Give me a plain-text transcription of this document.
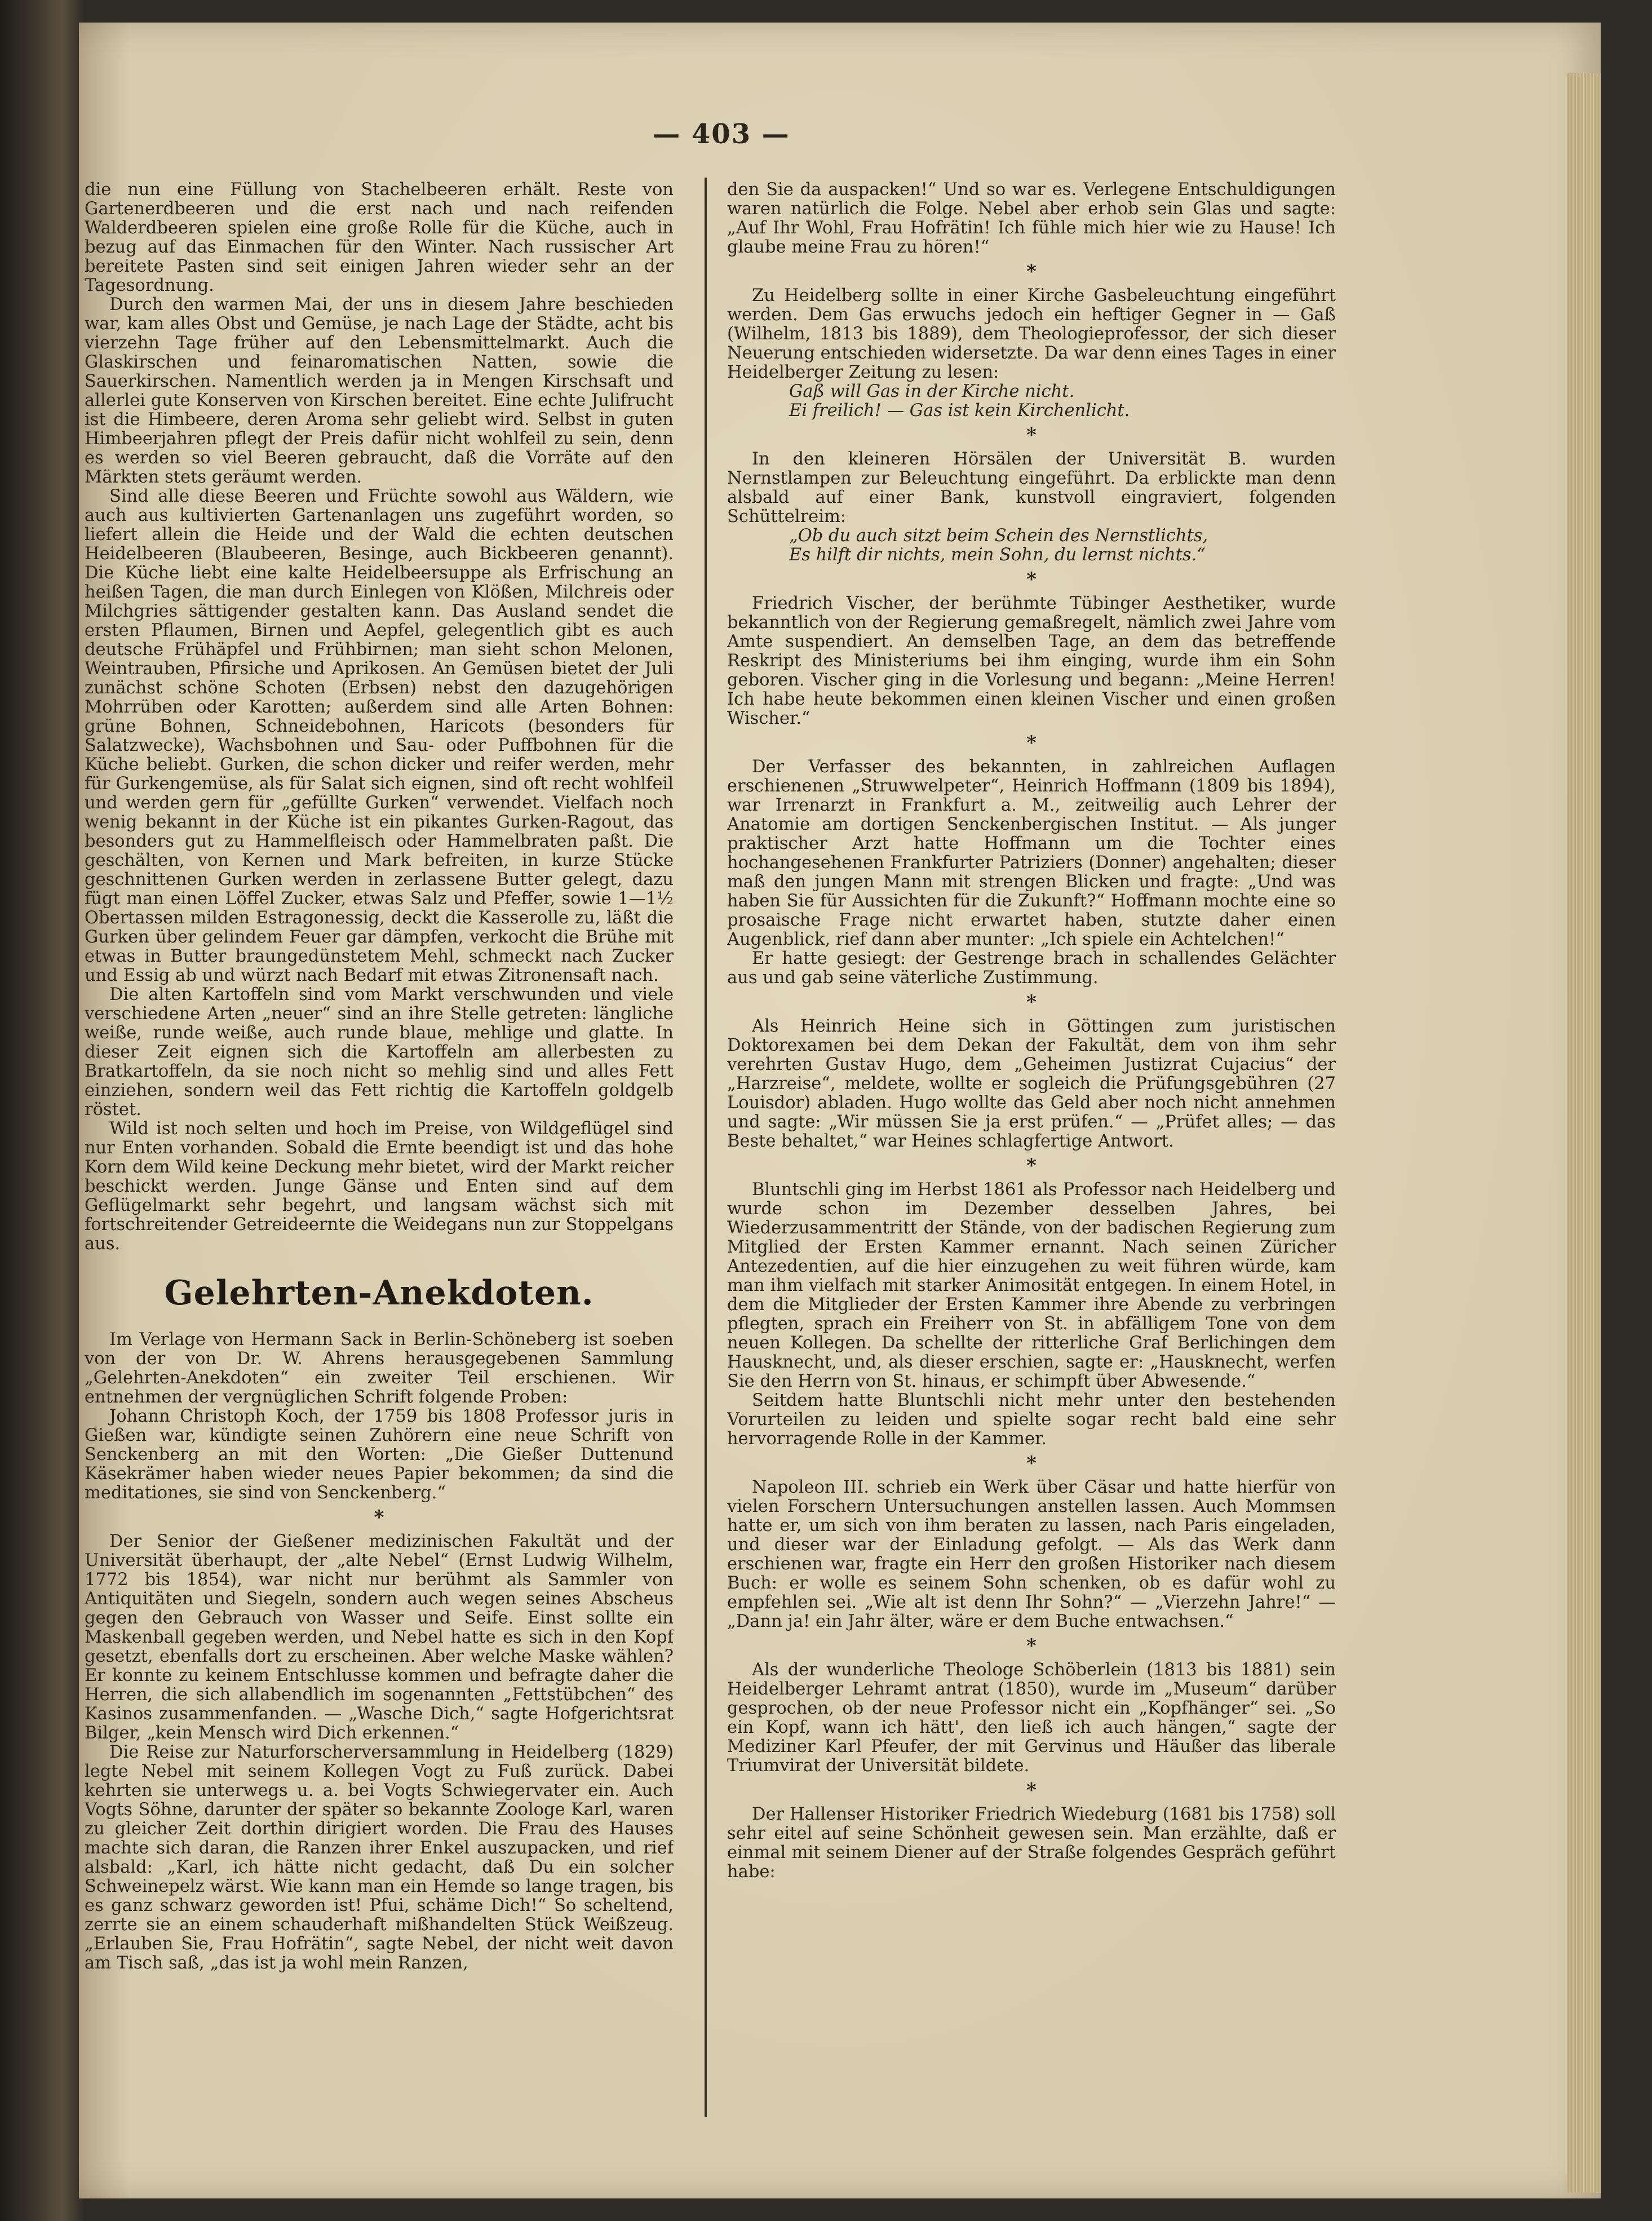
— 403 —

die nun eine Füllung von Stachelbeeren erhält. Reste von Gartenerdbeeren und die erst nach und nach reifenden Walderdbeeren spielen eine große Rolle für die Küche, auch in bezug auf das Einmachen für den Winter. Nach russischer Art bereitete Pasten sind seit einigen Jahren wieder sehr an der Tagesordnung.

Durch den warmen Mai, der uns in diesem Jahre beschieden war, kam alles Obst und Gemüse, je nach Lage der Städte, acht bis vierzehn Tage früher auf den Lebensmittelmarkt. Auch die Glaskirschen und feinaromatischen Natten, sowie die Sauerkirschen. Namentlich werden ja in Mengen Kirschsaft und allerlei gute Konserven von Kirschen bereitet. Eine echte Julifrucht ist die Himbeere, deren Aroma sehr geliebt wird. Selbst in guten Himbeerjahren pflegt der Preis dafür nicht wohlfeil zu sein, denn es werden so viel Beeren gebraucht, daß die Vorräte auf den Märkten stets geräumt werden.

Sind alle diese Beeren und Früchte sowohl aus Wäldern, wie auch aus kultivierten Gartenanlagen uns zugeführt worden, so liefert allein die Heide und der Wald die echten deutschen Heidelbeeren (Blaubeeren, Besinge, auch Bickbeeren genannt). Die Küche liebt eine kalte Heidelbeersuppe als Erfrischung an heißen Tagen, die man durch Einlegen von Klößen, Milchreis oder Milchgries sättigender gestalten kann. Das Ausland sendet die ersten Pflaumen, Birnen und Aepfel, gelegentlich gibt es auch deutsche Frühäpfel und Frühbirnen; man sieht schon Melonen, Weintrauben, Pfirsiche und Aprikosen. An Gemüsen bietet der Juli zunächst schöne Schoten (Erbsen) nebst den dazugehörigen Mohrrüben oder Karotten; außerdem sind alle Arten Bohnen: grüne Bohnen, Schneidebohnen, Haricots (besonders für Salatzwecke), Wachsbohnen und Sau- oder Puffbohnen für die Küche beliebt. Gurken, die schon dicker und reifer werden, mehr für Gurkengemüse, als für Salat sich eignen, sind oft recht wohlfeil und werden gern für „gefüllte Gurken“ verwendet. Vielfach noch wenig bekannt in der Küche ist ein pikantes Gurken-Ragout, das besonders gut zu Hammelfleisch oder Hammelbraten paßt. Die geschälten, von Kernen und Mark befreiten, in kurze Stücke geschnittenen Gurken werden in zerlassene Butter gelegt, dazu fügt man einen Löffel Zucker, etwas Salz und Pfeffer, sowie 1—1½ Obertassen milden Estragonessig, deckt die Kasserolle zu, läßt die Gurken über gelindem Feuer gar dämpfen, verkocht die Brühe mit etwas in Butter braungedünstetem Mehl, schmeckt nach Zucker und Essig ab und würzt nach Bedarf mit etwas Zitronensaft nach.

Die alten Kartoffeln sind vom Markt verschwunden und viele verschiedene Arten „neuer“ sind an ihre Stelle getreten: längliche weiße, runde weiße, auch runde blaue, mehlige und glatte. In dieser Zeit eignen sich die Kartoffeln am allerbesten zu Bratkartoffeln, da sie noch nicht so mehlig sind und alles Fett einziehen, sondern weil das Fett richtig die Kartoffeln goldgelb röstet.

Wild ist noch selten und hoch im Preise, von Wildgeflügel sind nur Enten vorhanden. Sobald die Ernte beendigt ist und das hohe Korn dem Wild keine Deckung mehr bietet, wird der Markt reicher beschickt werden. Junge Gänse und Enten sind auf dem Geflügelmarkt sehr begehrt, und langsam wächst sich mit fortschreitender Getreideernte die Weidegans nun zur Stoppelgans aus.

Gelehrten-Anekdoten.

Im Verlage von Hermann Sack in Berlin-Schöneberg ist soeben von der von Dr. W. Ahrens herausgegebenen Sammlung „Gelehrten-Anekdoten“ ein zweiter Teil erschienen. Wir entnehmen der vergnüglichen Schrift folgende Proben:

Johann Christoph Koch, der 1759 bis 1808 Professor juris in Gießen war, kündigte seinen Zuhörern eine neue Schrift von Senckenberg an mit den Worten: „Die Gießer Duttenund Käsekrämer haben wieder neues Papier bekommen; da sind die meditationes, sie sind von Senckenberg.“

*

Der Senior der Gießener medizinischen Fakultät und der Universität überhaupt, der „alte Nebel“ (Ernst Ludwig Wilhelm, 1772 bis 1854), war nicht nur berühmt als Sammler von Antiquitäten und Siegeln, sondern auch wegen seines Abscheus gegen den Gebrauch von Wasser und Seife. Einst sollte ein Maskenball gegeben werden, und Nebel hatte es sich in den Kopf gesetzt, ebenfalls dort zu erscheinen. Aber welche Maske wählen? Er konnte zu keinem Entschlusse kommen und befragte daher die Herren, die sich allabendlich im sogenannten „Fettstübchen“ des Kasinos zusammenfanden. — „Wasche Dich,“ sagte Hofgerichtsrat Bilger, „kein Mensch wird Dich erkennen.“

Die Reise zur Naturforscherversammlung in Heidelberg (1829) legte Nebel mit seinem Kollegen Vogt zu Fuß zurück. Dabei kehrten sie unterwegs u. a. bei Vogts Schwiegervater ein. Auch Vogts Söhne, darunter der später so bekannte Zoologe Karl, waren zu gleicher Zeit dorthin dirigiert worden. Die Frau des Hauses machte sich daran, die Ranzen ihrer Enkel auszupacken, und rief alsbald: „Karl, ich hätte nicht gedacht, daß Du ein solcher Schweinepelz wärst. Wie kann man ein Hemde so lange tragen, bis es ganz schwarz geworden ist! Pfui, schäme Dich!“ So scheltend, zerrte sie an einem schauderhaft mißhandelten Stück Weißzeug. „Erlauben Sie, Frau Hofrätin“, sagte Nebel, der nicht weit davon am Tisch saß, „das ist ja wohl mein Ranzen,

den Sie da auspacken!“ Und so war es. Verlegene Entschuldigungen waren natürlich die Folge. Nebel aber erhob sein Glas und sagte: „Auf Ihr Wohl, Frau Hofrätin! Ich fühle mich hier wie zu Hause! Ich glaube meine Frau zu hören!“

*

Zu Heidelberg sollte in einer Kirche Gasbeleuchtung eingeführt werden. Dem Gas erwuchs jedoch ein heftiger Gegner in — Gaß (Wilhelm, 1813 bis 1889), dem Theologieprofessor, der sich dieser Neuerung entschieden widersetzte. Da war denn eines Tages in einer Heidelberger Zeitung zu lesen:

Gaß will Gas in der Kirche nicht.

Ei freilich! — Gas ist kein Kirchenlicht.

*

In den kleineren Hörsälen der Universität B. wurden Nernstlampen zur Beleuchtung eingeführt. Da erblickte man denn alsbald auf einer Bank, kunstvoll eingraviert, folgenden Schüttelreim:

„Ob du auch sitzt beim Schein des Nernstlichts,

Es hilft dir nichts, mein Sohn, du lernst nichts.“

*

Friedrich Vischer, der berühmte Tübinger Aesthetiker, wurde bekanntlich von der Regierung gemaßregelt, nämlich zwei Jahre vom Amte suspendiert. An demselben Tage, an dem das betreffende Reskript des Ministeriums bei ihm einging, wurde ihm ein Sohn geboren. Vischer ging in die Vorlesung und begann: „Meine Herren! Ich habe heute bekommen einen kleinen Vischer und einen großen Wischer.“

*

Der Verfasser des bekannten, in zahlreichen Auflagen erschienenen „Struwwelpeter“, Heinrich Hoffmann (1809 bis 1894), war Irrenarzt in Frankfurt a. M., zeitweilig auch Lehrer der Anatomie am dortigen Senckenbergischen Institut. — Als junger praktischer Arzt hatte Hoffmann um die Tochter eines hochangesehenen Frankfurter Patriziers (Donner) angehalten; dieser maß den jungen Mann mit strengen Blicken und fragte: „Und was haben Sie für Aussichten für die Zukunft?“ Hoffmann mochte eine so prosaische Frage nicht erwartet haben, stutzte daher einen Augenblick, rief dann aber munter: „Ich spiele ein Achtelchen!“

Er hatte gesiegt: der Gestrenge brach in schallendes Gelächter aus und gab seine väterliche Zustimmung.

*

Als Heinrich Heine sich in Göttingen zum juristischen Doktorexamen bei dem Dekan der Fakultät, dem von ihm sehr verehrten Gustav Hugo, dem „Geheimen Justizrat Cujacius“ der „Harzreise“, meldete, wollte er sogleich die Prüfungsgebühren (27 Louisdor) abladen. Hugo wollte das Geld aber noch nicht annehmen und sagte: „Wir müssen Sie ja erst prüfen.“ — „Prüfet alles; — das Beste behaltet,“ war Heines schlagfertige Antwort.

*

Bluntschli ging im Herbst 1861 als Professor nach Heidelberg und wurde schon im Dezember desselben Jahres, bei Wiederzusammentritt der Stände, von der badischen Regierung zum Mitglied der Ersten Kammer ernannt. Nach seinen Züricher Antezedentien, auf die hier einzugehen zu weit führen würde, kam man ihm vielfach mit starker Animosität entgegen. In einem Hotel, in dem die Mitglieder der Ersten Kammer ihre Abende zu verbringen pflegten, sprach ein Freiherr von St. in abfälligem Tone von dem neuen Kollegen. Da schellte der ritterliche Graf Berlichingen dem Hausknecht, und, als dieser erschien, sagte er: „Hausknecht, werfen Sie den Herrn von St. hinaus, er schimpft über Abwesende.“

Seitdem hatte Bluntschli nicht mehr unter den bestehenden Vorurteilen zu leiden und spielte sogar recht bald eine sehr hervorragende Rolle in der Kammer.

*

Napoleon III. schrieb ein Werk über Cäsar und hatte hierfür von vielen Forschern Untersuchungen anstellen lassen. Auch Mommsen hatte er, um sich von ihm beraten zu lassen, nach Paris eingeladen, und dieser war der Einladung gefolgt. — Als das Werk dann erschienen war, fragte ein Herr den großen Historiker nach diesem Buch: er wolle es seinem Sohn schenken, ob es dafür wohl zu empfehlen sei. „Wie alt ist denn Ihr Sohn?“ — „Vierzehn Jahre!“ — „Dann ja! ein Jahr älter, wäre er dem Buche entwachsen.“

*

Als der wunderliche Theologe Schöberlein (1813 bis 1881) sein Heidelberger Lehramt antrat (1850), wurde im „Museum“ darüber gesprochen, ob der neue Professor nicht ein „Kopfhänger“ sei. „So ein Kopf, wann ich hätt', den ließ ich auch hängen,“ sagte der Mediziner Karl Pfeufer, der mit Gervinus und Häußer das liberale Triumvirat der Universität bildete.

*

Der Hallenser Historiker Friedrich Wiedeburg (1681 bis 1758) soll sehr eitel auf seine Schönheit gewesen sein. Man erzählte, daß er einmal mit seinem Diener auf der Straße folgendes Gespräch geführt habe:
